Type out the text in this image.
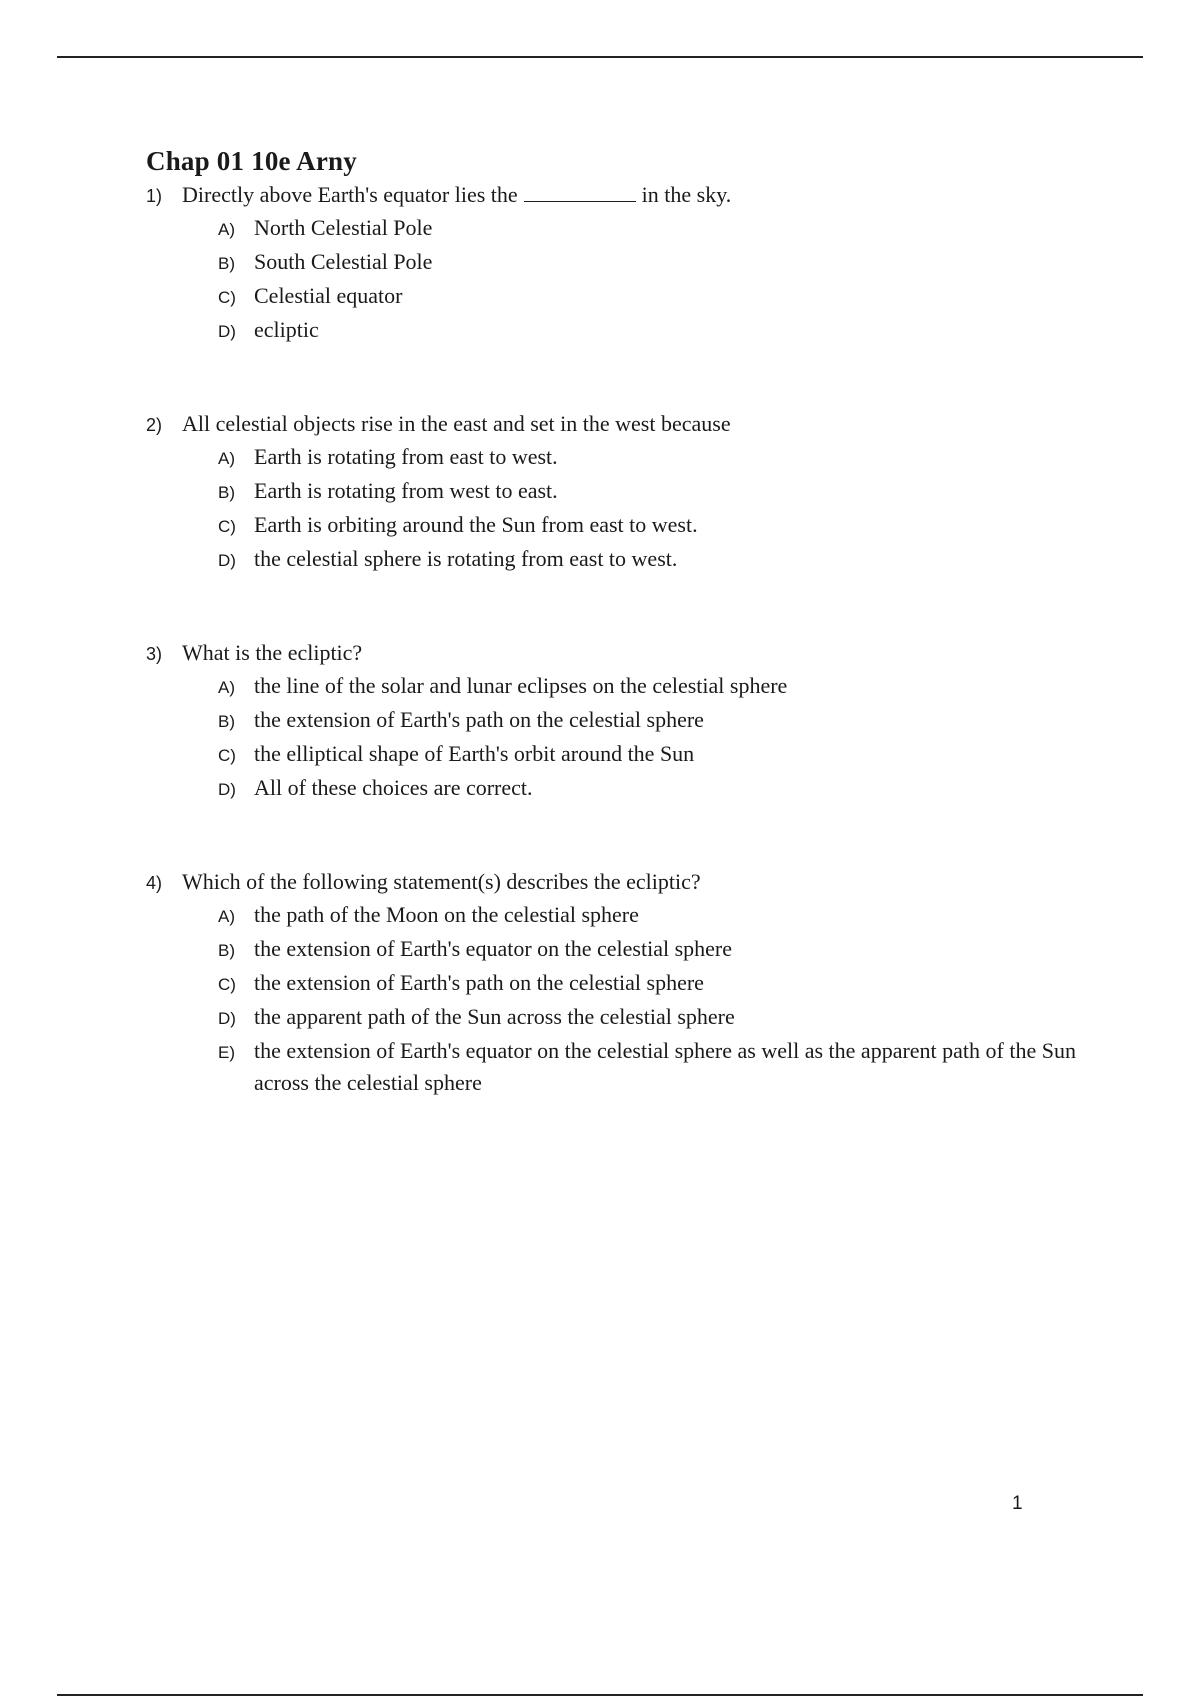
Chap 01 10e Arny
1) Directly above Earth's equator lies the	in the sky.
A) North Celestial Pole
B) South Celestial Pole
C) Celestial equator
D) ecliptic
2) All celestial objects rise in the east and set in the west because
A) Earth is rotating from east to west.
B) Earth is rotating from west to east.
C) Earth is orbiting around the Sun from east to west.
D) the celestial sphere is rotating from east to west.
3) What is the ecliptic?
A) the line of the solar and lunar eclipses on the celestial sphere
B) the extension of Earth's path on the celestial sphere
C) the elliptical shape of Earth's orbit around the Sun
D) All of these choices are correct.
4) Which of the following statement(s) describes the ecliptic?
A) the path of the Moon on the celestial sphere
B) the extension of Earth's equator on the celestial sphere
C) the extension of Earth's path on the celestial sphere
D) the apparent path of the Sun across the celestial sphere
E) the extension of Earth's equator on the celestial sphere as well as the apparent path of the Sun across the celestial sphere
1
